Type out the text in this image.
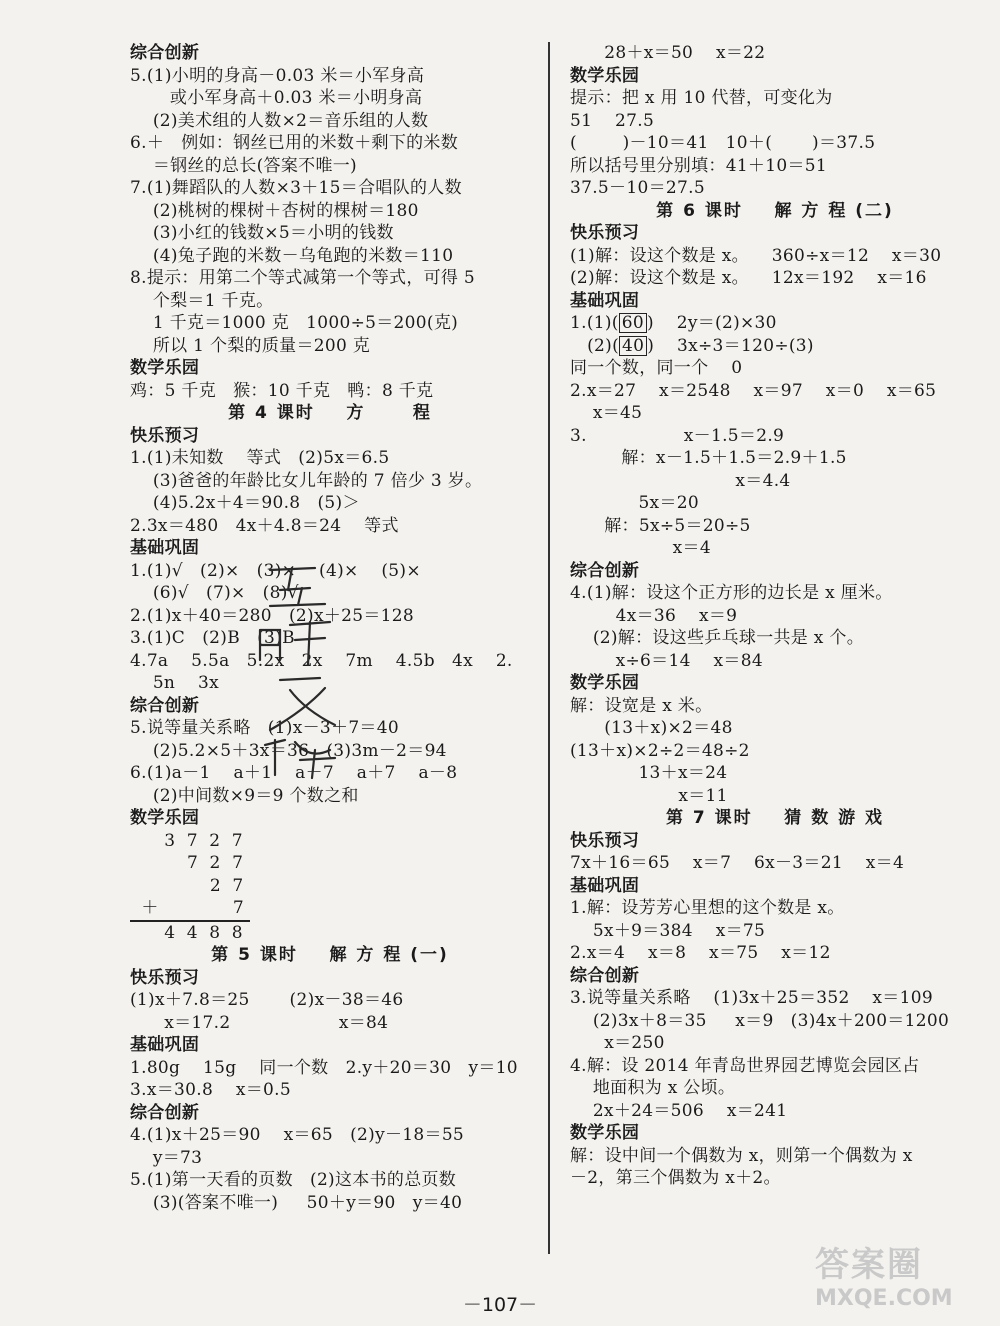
综合创新
5.(1)小明的身高－0.03 米＝小军身高
或小军身高＋0.03 米＝小明身高
(2)美术组的人数×2＝音乐组的人数
6.＋   例如：钢丝已用的米数＋剩下的米数
＝钢丝的总长(答案不唯一)
7.(1)舞蹈队的人数×3＋15＝合唱队的人数
(2)桃树的棵树＋杏树的棵树＝180
(3)小红的钱数×5＝小明的钱数
(4)兔子跑的米数－乌龟跑的米数＝110
8.提示：用第二个等式减第一个等式，可得 5
个梨＝1 千克。
1 千克＝1000 克   1000÷5＝200(克)
所以 1 个梨的质量＝200 克
数学乐园
鸡：5 千克   猴：10 千克   鸭：8 千克
第 4 课时    方      程
快乐预习
1.(1)未知数    等式   (2)5x＝6.5
(3)爸爸的年龄比女儿年龄的 7 倍少 3 岁。
(4)5.2x＋4＝90.8   (5)＞
2.3x＝480   4x＋4.8＝24    等式
基础巩固
1.(1)√   (2)×   (3)×    (4)×    (5)×
(6)√   (7)×   (8)√
2.(1)x＋40＝280   (2)x＋25＝128
3.(1)C   (2)B   (3)B
4.7a    5.5a   5.2x   2x    7m    4.5b   4x    2.
5n    3x
综合创新
5.说等量关系略   (1)x－3＋7＝40
(2)5.2×5＋3x＝36   (3)3m－2＝94
6.(1)a－1    a＋1    a－7    a＋7    a－8
(2)中间数×9＝9 个数之和
数学乐园
3  7  2  7
7  2  7
2  7
＋             7
4  4  8  8
第 5 课时    解 方 程 (一)
快乐预习
(1)x＋7.8＝25       (2)x－38＝46
x＝17.2                   x＝84
基础巩固
1.80g    15g    同一个数   2.y＋20＝30   y＝10
3.x＝30.8    x＝0.5
综合创新
4.(1)x＋25＝90    x＝65   (2)y－18＝55
y＝73
5.(1)第一天看的页数   (2)这本书的总页数
(3)(答案不唯一)     50＋y＝90   y＝40
28＋x＝50    x＝22
数学乐园
提示：把 x 用 10 代替，可变化为
51    27.5
(        )－10＝41   10＋(       )＝37.5
所以括号里分别填：41＋10＝51
37.5－10＝27.5
第 6 课时    解 方 程 (二)
快乐预习
(1)解：设这个数是 x。    360÷x＝12    x＝30
(2)解：设这个数是 x。    12x＝192    x＝16
基础巩固
1.(1)( 60 )    2y＝(2)×30
(2)( 40 )    3x÷3＝120÷(3)
同一个数，同一个    0
2.x＝27    x＝2548    x＝97    x＝0    x＝65
x＝45
3.                 x－1.5＝2.9
解：x－1.5＋1.5＝2.9＋1.5
x＝4.4
5x＝20
解：5x÷5＝20÷5
x＝4
综合创新
4.(1)解：设这个正方形的边长是 x 厘米。
4x＝36    x＝9
(2)解：设这些乒乓球一共是 x 个。
x÷6＝14    x＝84
数学乐园
解：设宽是 x 米。
(13＋x)×2＝48
(13＋x)×2÷2＝48÷2
13＋x＝24
x＝11
第 7 课时    猜 数 游 戏
快乐预习
7x＋16＝65    x＝7    6x－3＝21    x＝4
基础巩固
1.解：设芳芳心里想的这个数是 x。
5x＋9＝384    x＝75
2.x＝4    x＝8    x＝75    x＝12
综合创新
3.说等量关系略    (1)3x＋25＝352    x＝109
(2)3x＋8＝35     x＝9   (3)4x＋200＝1200
x＝250
4.解：设 2014 年青岛世界园艺博览会园区占
地面积为 x 公顷。
2x＋24＝506    x＝241
数学乐园
解：设中间一个偶数为 x，则第一个偶数为 x
－2，第三个偶数为 x＋2。
－107－
答案圈
MXQE.COM
